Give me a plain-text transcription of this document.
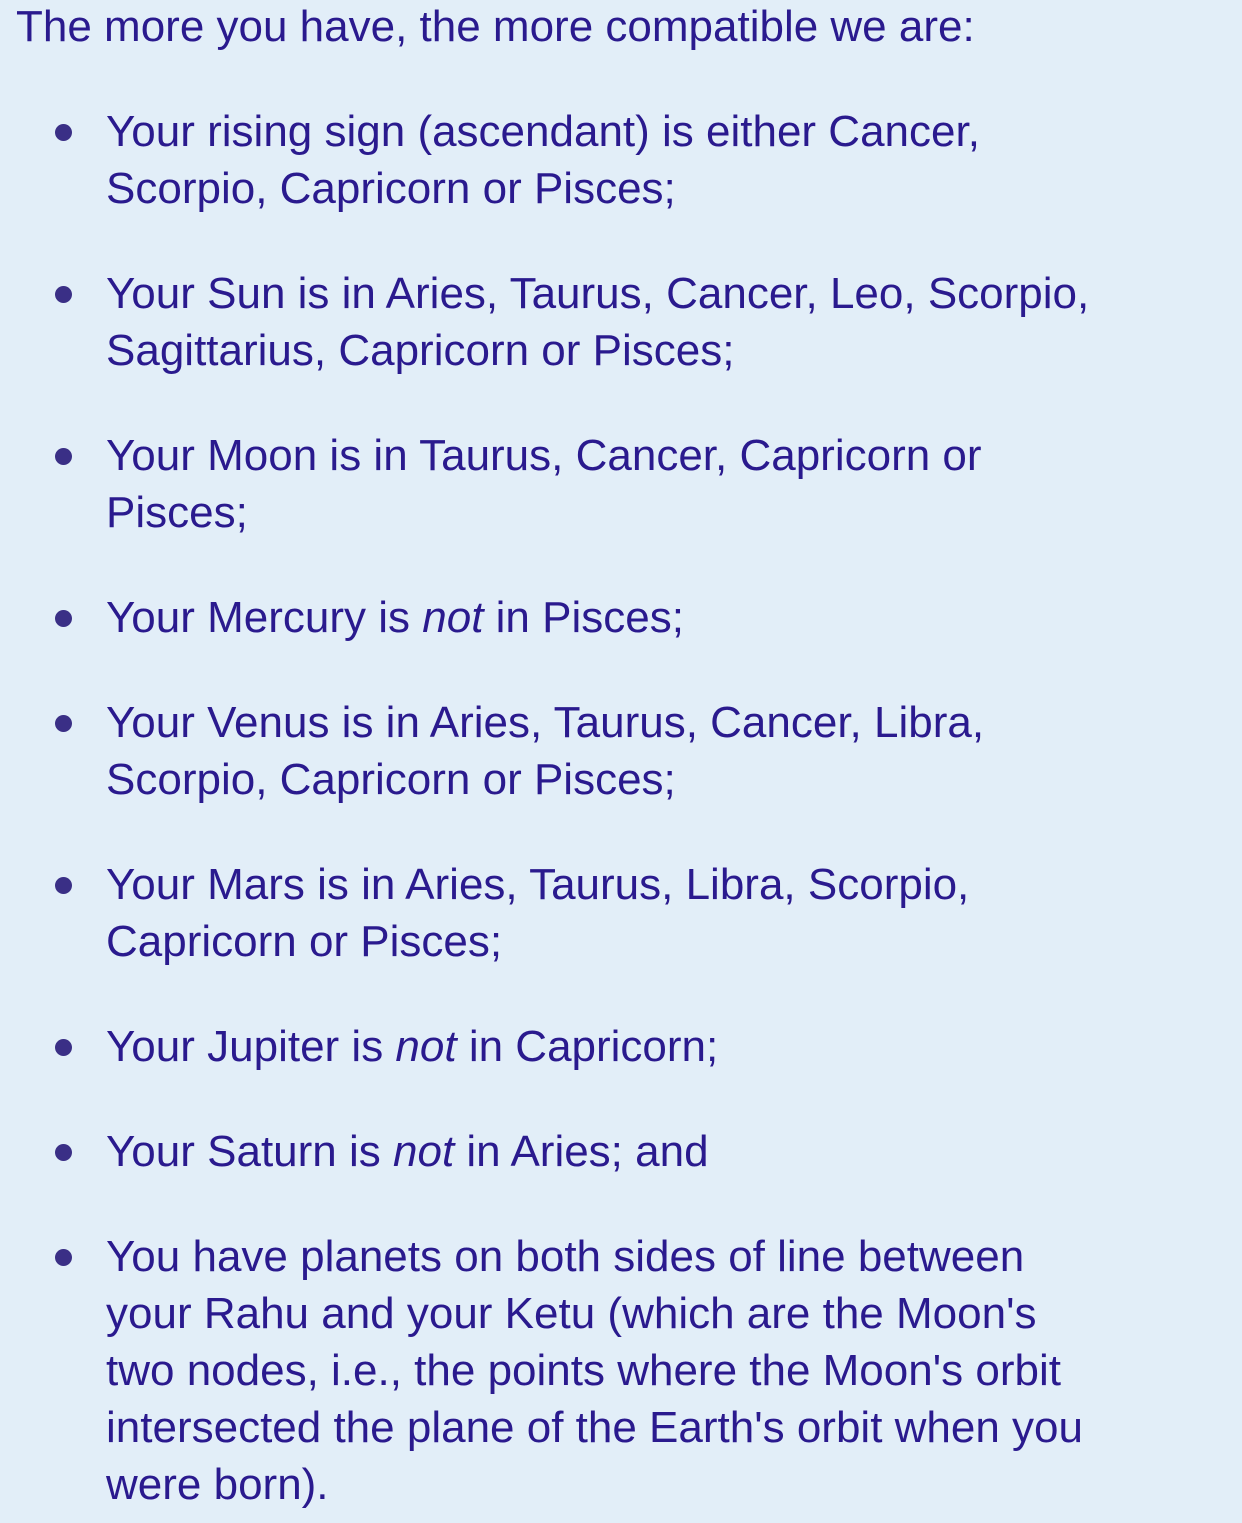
The more you have, the more compatible we are:

Your rising sign (ascendant) is either Cancer,
Scorpio, Capricorn or Pisces;

Your Sun is in Aries, Taurus, Cancer, Leo, Scorpio,
Sagittarius, Capricorn or Pisces;

Your Moon is in Taurus, Cancer, Capricorn or
Pisces;

Your Mercury is not in Pisces;

Your Venus is in Aries, Taurus, Cancer, Libra,
Scorpio, Capricorn or Pisces;

Your Mars is in Aries, Taurus, Libra, Scorpio,
Capricorn or Pisces;

Your Jupiter is not in Capricorn;

Your Saturn is not in Aries; and

You have planets on both sides of line between
your Rahu and your Ketu (which are the Moon's
two nodes, i.e., the points where the Moon's orbit
intersected the plane of the Earth's orbit when you
were born).
